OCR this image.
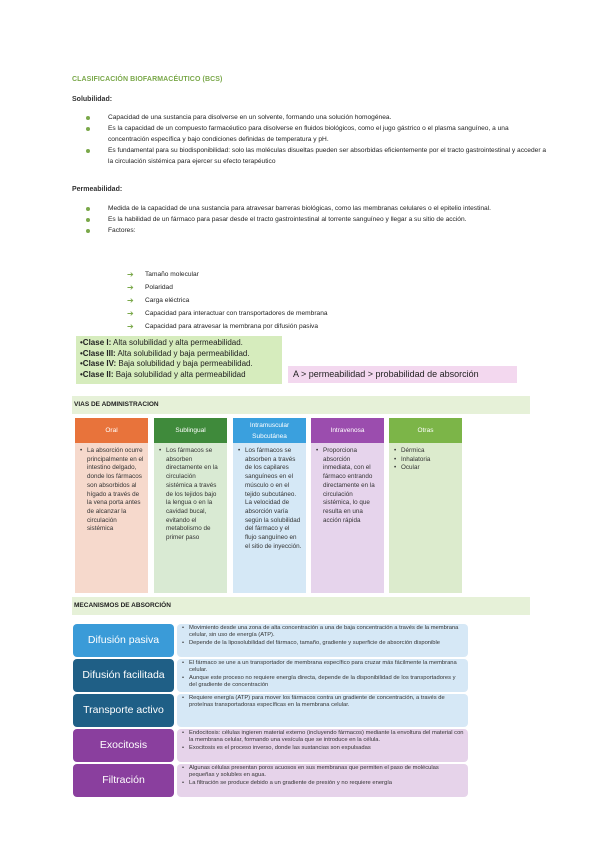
CLASIFICACIÓN BIOFARMACÉUTICO (BCS)
Solubilidad:
Capacidad de una sustancia para disolverse en un solvente, formando una solución homogénea.
Es la capacidad de un compuesto farmacéutico para disolverse en fluidos biológicos, como el jugo gástrico o el plasma sanguíneo, a una concentración específica y bajo condiciones definidas de temperatura y pH.
Es fundamental para su biodisponibilidad: solo las moléculas disueltas pueden ser absorbidas eficientemente por el tracto gastrointestinal y acceder a la circulación sistémica para ejercer su efecto terapéutico
Permeabilidad:
Medida de la capacidad de una sustancia para atravesar barreras biológicas, como las membranas celulares o el epitelio intestinal.
Es la habilidad de un fármaco para pasar desde el tracto gastrointestinal al torrente sanguíneo y llegar a su sitio de acción.
Factores:
➔ Tamaño molecular
➔ Polaridad
➔ Carga eléctrica
➔ Capacidad para interactuar con transportadores de membrana
➔ Capacidad para atravesar la membrana por difusión pasiva
•Clase I: Alta solubilidad y alta permeabilidad.
•Clase III: Alta solubilidad y baja permeabilidad.
•Clase IV: Baja solubilidad y baja permeabilidad.
•Clase II: Baja solubilidad y alta permeabilidad	A > permeabilidad > probabilidad de absorción
VIAS DE ADMINISTRACION
Oral
• La absorción ocurre principalmente en el intestino delgado, donde los fármacos son absorbidos al hígado a través de la vena porta antes de alcanzar la circulación sistémica
Sublingual
• Los fármacos se absorben directamente en la circulación sistémica a través de los tejidos bajo la lengua o en la cavidad bucal, evitando el metabolismo de primer paso
Intramuscular Subcutánea
• Los fármacos se absorben a través de los capilares sanguíneos en el músculo o en el tejido subcutáneo. La velocidad de absorción varía según la solubilidad del fármaco y el flujo sanguíneo en el sitio de inyección.
Intravenosa
• Proporciona absorción inmediata, con el fármaco entrando directamente en la circulación sistémica, lo que resulta en una acción rápida
Otras
• Dérmica
• Inhalatoria
• Ocular
MECANISMOS DE ABSORCIÓN
Difusión pasiva
• Movimiento desde una zona de alta concentración a una de baja concentración a través de la membrana celular, sin uso de energía (ATP).
• Depende de la liposolubilidad del fármaco, tamaño, gradiente y superficie de absorción disponible
Difusión facilitada
• El fármaco se une a un transportador de membrana específico para cruzar más fácilmente la membrana celular.
• Aunque este proceso no requiere energía directa, depende de la disponibilidad de los transportadores y del gradiente de concentración
Transporte activo
• Requiere energía (ATP) para mover los fármacos contra un gradiente de concentración, a través de proteínas transportadoras específicas en la membrana celular.
Exocitosis
• Endocitosis: células ingieren material externo (incluyendo fármacos) mediante la envoltura del material con la membrana celular, formando una vesícula que se introduce en la célula.
• Exocitosis es el proceso inverso, donde las sustancias son expulsadas
Filtración
• Algunas células presentan poros acuosos en sus membranas que permiten el paso de moléculas pequeñas y solubles en agua.
• La filtración se produce debido a un gradiente de presión y no requiere energía
